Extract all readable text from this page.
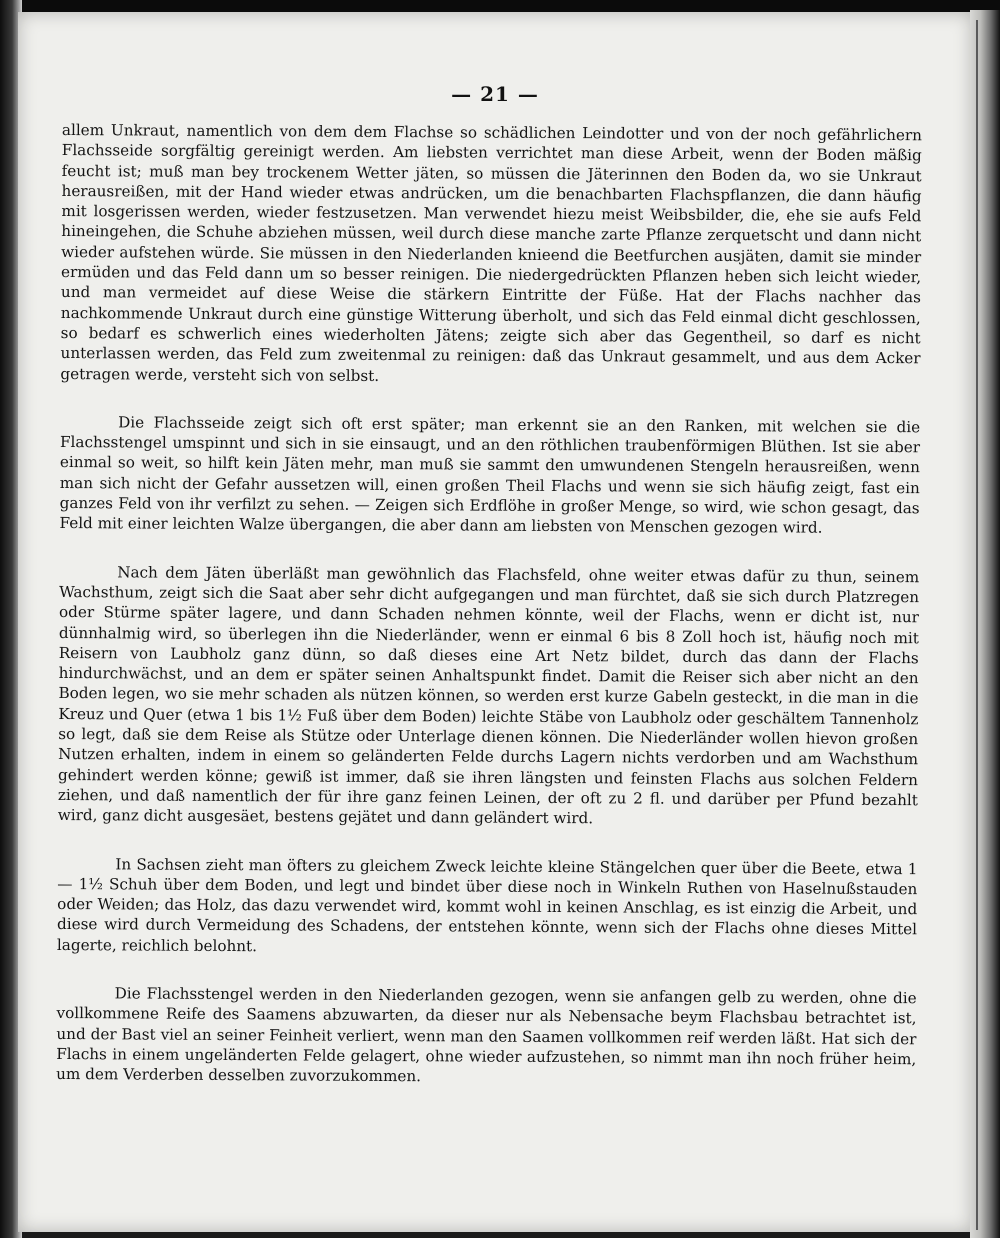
— 21 —

allem Unkraut, namentlich von dem dem Flachse so schädlichen Leindotter und von der noch gefährlichern Flachsseide sorgfältig gereinigt werden. Am liebsten verrichtet man diese Arbeit, wenn der Boden mäßig feucht ist; muß man bey trockenem Wetter jäten, so müssen die Jäterinnen den Boden da, wo sie Unkraut herausreißen, mit der Hand wieder etwas andrücken, um die benachbarten Flachspflanzen, die dann häufig mit losgerissen werden, wieder festzusetzen. Man verwendet hiezu meist Weibsbilder, die, ehe sie aufs Feld hineingehen, die Schuhe abziehen müssen, weil durch diese manche zarte Pflanze zerquetscht und dann nicht wieder aufstehen würde. Sie müssen in den Niederlanden knieend die Beetfurchen ausjäten, damit sie minder ermüden und das Feld dann um so besser reinigen. Die niedergedrückten Pflanzen heben sich leicht wieder, und man vermeidet auf diese Weise die stärkern Eintritte der Füße. Hat der Flachs nachher das nachkommende Unkraut durch eine günstige Witterung überholt, und sich das Feld einmal dicht geschlossen, so bedarf es schwerlich eines wiederholten Jätens; zeigte sich aber das Gegentheil, so darf es nicht unterlassen werden, das Feld zum zweitenmal zu reinigen: daß das Unkraut gesammelt, und aus dem Acker getragen werde, versteht sich von selbst.

Die Flachsseide zeigt sich oft erst später; man erkennt sie an den Ranken, mit welchen sie die Flachsstengel umspinnt und sich in sie einsaugt, und an den röthlichen traubenförmigen Blüthen. Ist sie aber einmal so weit, so hilft kein Jäten mehr, man muß sie sammt den umwundenen Stengeln herausreißen, wenn man sich nicht der Gefahr aussetzen will, einen großen Theil Flachs und wenn sie sich häufig zeigt, fast ein ganzes Feld von ihr verfilzt zu sehen. — Zeigen sich Erdflöhe in großer Menge, so wird, wie schon gesagt, das Feld mit einer leichten Walze übergangen, die aber dann am liebsten von Menschen gezogen wird.

Nach dem Jäten überläßt man gewöhnlich das Flachsfeld, ohne weiter etwas dafür zu thun, seinem Wachsthum, zeigt sich die Saat aber sehr dicht aufgegangen und man fürchtet, daß sie sich durch Platzregen oder Stürme später lagere, und dann Schaden nehmen könnte, weil der Flachs, wenn er dicht ist, nur dünnhalmig wird, so überlegen ihn die Niederländer, wenn er einmal 6 bis 8 Zoll hoch ist, häufig noch mit Reisern von Laubholz ganz dünn, so daß dieses eine Art Netz bildet, durch das dann der Flachs hindurchwächst, und an dem er später seinen Anhaltspunkt findet. Damit die Reiser sich aber nicht an den Boden legen, wo sie mehr schaden als nützen können, so werden erst kurze Gabeln gesteckt, in die man in die Kreuz und Quer (etwa 1 bis 1½ Fuß über dem Boden) leichte Stäbe von Laubholz oder geschältem Tannenholz so legt, daß sie dem Reise als Stütze oder Unterlage dienen können. Die Niederländer wollen hievon großen Nutzen erhalten, indem in einem so geländerten Felde durchs Lagern nichts verdorben und am Wachsthum gehindert werden könne; gewiß ist immer, daß sie ihren längsten und feinsten Flachs aus solchen Feldern ziehen, und daß namentlich der für ihre ganz feinen Leinen, der oft zu 2 fl. und darüber per Pfund bezahlt wird, ganz dicht ausgesäet, bestens gejätet und dann geländert wird.

In Sachsen zieht man öfters zu gleichem Zweck leichte kleine Stängelchen quer über die Beete, etwa 1 — 1½ Schuh über dem Boden, und legt und bindet über diese noch in Winkeln Ruthen von Haselnußstauden oder Weiden; das Holz, das dazu verwendet wird, kommt wohl in keinen Anschlag, es ist einzig die Arbeit, und diese wird durch Vermeidung des Schadens, der entstehen könnte, wenn sich der Flachs ohne dieses Mittel lagerte, reichlich belohnt.

Die Flachsstengel werden in den Niederlanden gezogen, wenn sie anfangen gelb zu werden, ohne die vollkommene Reife des Saamens abzuwarten, da dieser nur als Nebensache beym Flachsbau betrachtet ist, und der Bast viel an seiner Feinheit verliert, wenn man den Saamen vollkommen reif werden läßt. Hat sich der Flachs in einem ungeländerten Felde gelagert, ohne wieder aufzustehen, so nimmt man ihn noch früher heim, um dem Verderben desselben zuvorzukommen.
